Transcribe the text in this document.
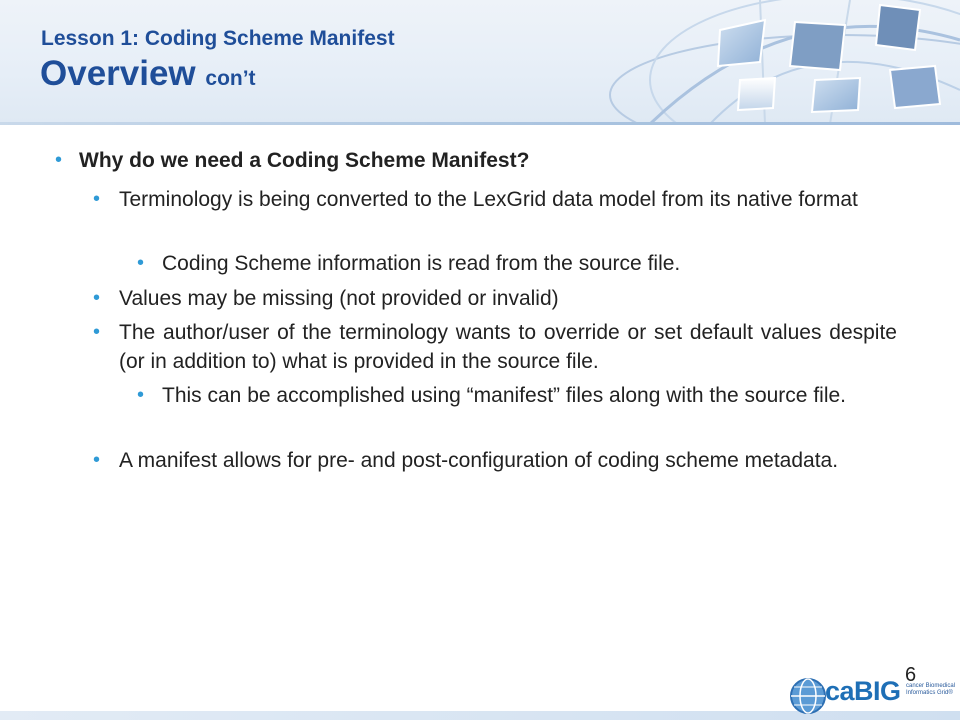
Lesson 1: Coding Scheme Manifest
Overview con’t
• Why do we need a Coding Scheme Manifest?
• Terminology is being converted to the LexGrid data model from its native format
• Coding Scheme information is read from the source file.
• Values may be missing (not provided or invalid)
• The author/user of the terminology wants to override or set default values despite (or in addition to) what is provided in the source file.
• This can be accomplished using “manifest” files along with the source file.
• A manifest allows for pre- and post-configuration of coding scheme metadata.
6
caBIG cancer Biomedical Informatics Grid®
